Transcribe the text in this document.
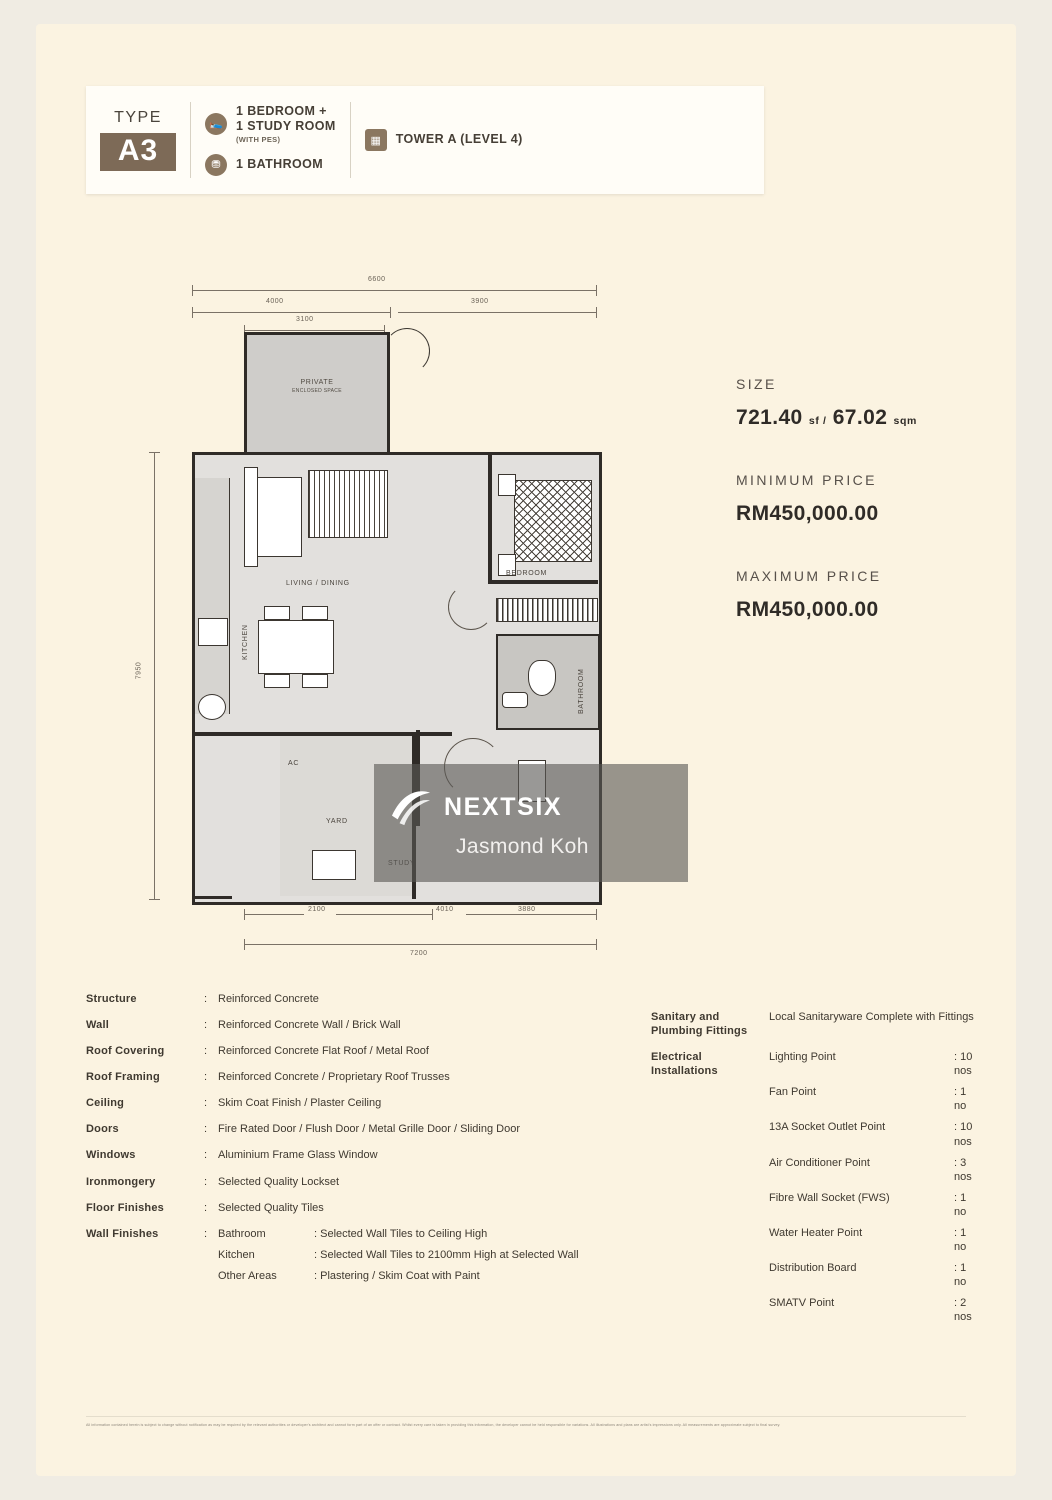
TYPE
A3
🛌
1 BEDROOM +
1 STUDY ROOM
(WITH PES)
⛃	1 BATHROOM
▦	TOWER A (LEVEL 4)
6600
4000	3900
3100
7950
PRIVATE
ENCLOSED SPACE
LIVING / DINING
KITCHEN
BEDROOM
BATHROOM
AC
YARD
2100	4010	3880
7200
SIZE
721.40 sf / 67.02 sqm
MINIMUM PRICE
RM450,000.00
MAXIMUM PRICE
RM450,000.00
NEXTSIX
Jasmond Koh
Structure	: Reinforced Concrete
Wall	: Reinforced Concrete Wall / Brick Wall
Roof Covering	: Reinforced Concrete Flat Roof / Metal Roof
Roof Framing	: Reinforced Concrete / Proprietary Roof Trusses
Ceiling	: Skim Coat Finish / Plaster Ceiling
Doors	: Fire Rated Door / Flush Door / Metal Grille Door / Sliding Door
Windows	: Aluminium Frame Glass Window
Ironmongery	: Selected Quality Lockset
Floor Finishes	: Selected Quality Tiles
Wall Finishes	: Bathroom	: Selected Wall Tiles to Ceiling High
Kitchen	: Selected Wall Tiles to 2100mm High at Selected Wall
Other Areas	: Plastering / Skim Coat with Paint
Sanitary and Plumbing Fittings
Local Sanitaryware Complete with Fittings
Electrical Installations
Lighting Point	: 10 nos
Fan Point	: 1 no
13A Socket Outlet Point	: 10 nos
Air Conditioner Point	: 3 nos
Fibre Wall Socket (FWS)	: 1 no
Water Heater Point	: 1 no
Distribution Board	: 1 no
SMATV Point	: 2 nos
All information contained herein is subject to change without notification as may be required by the relevant authorities or developer's architect and cannot form part of an offer or contract. Whilst every care is taken in providing this information, the developer cannot be held responsible for variations. All illustrations and plans are artist's impressions only. All measurements are approximate subject to final survey.
